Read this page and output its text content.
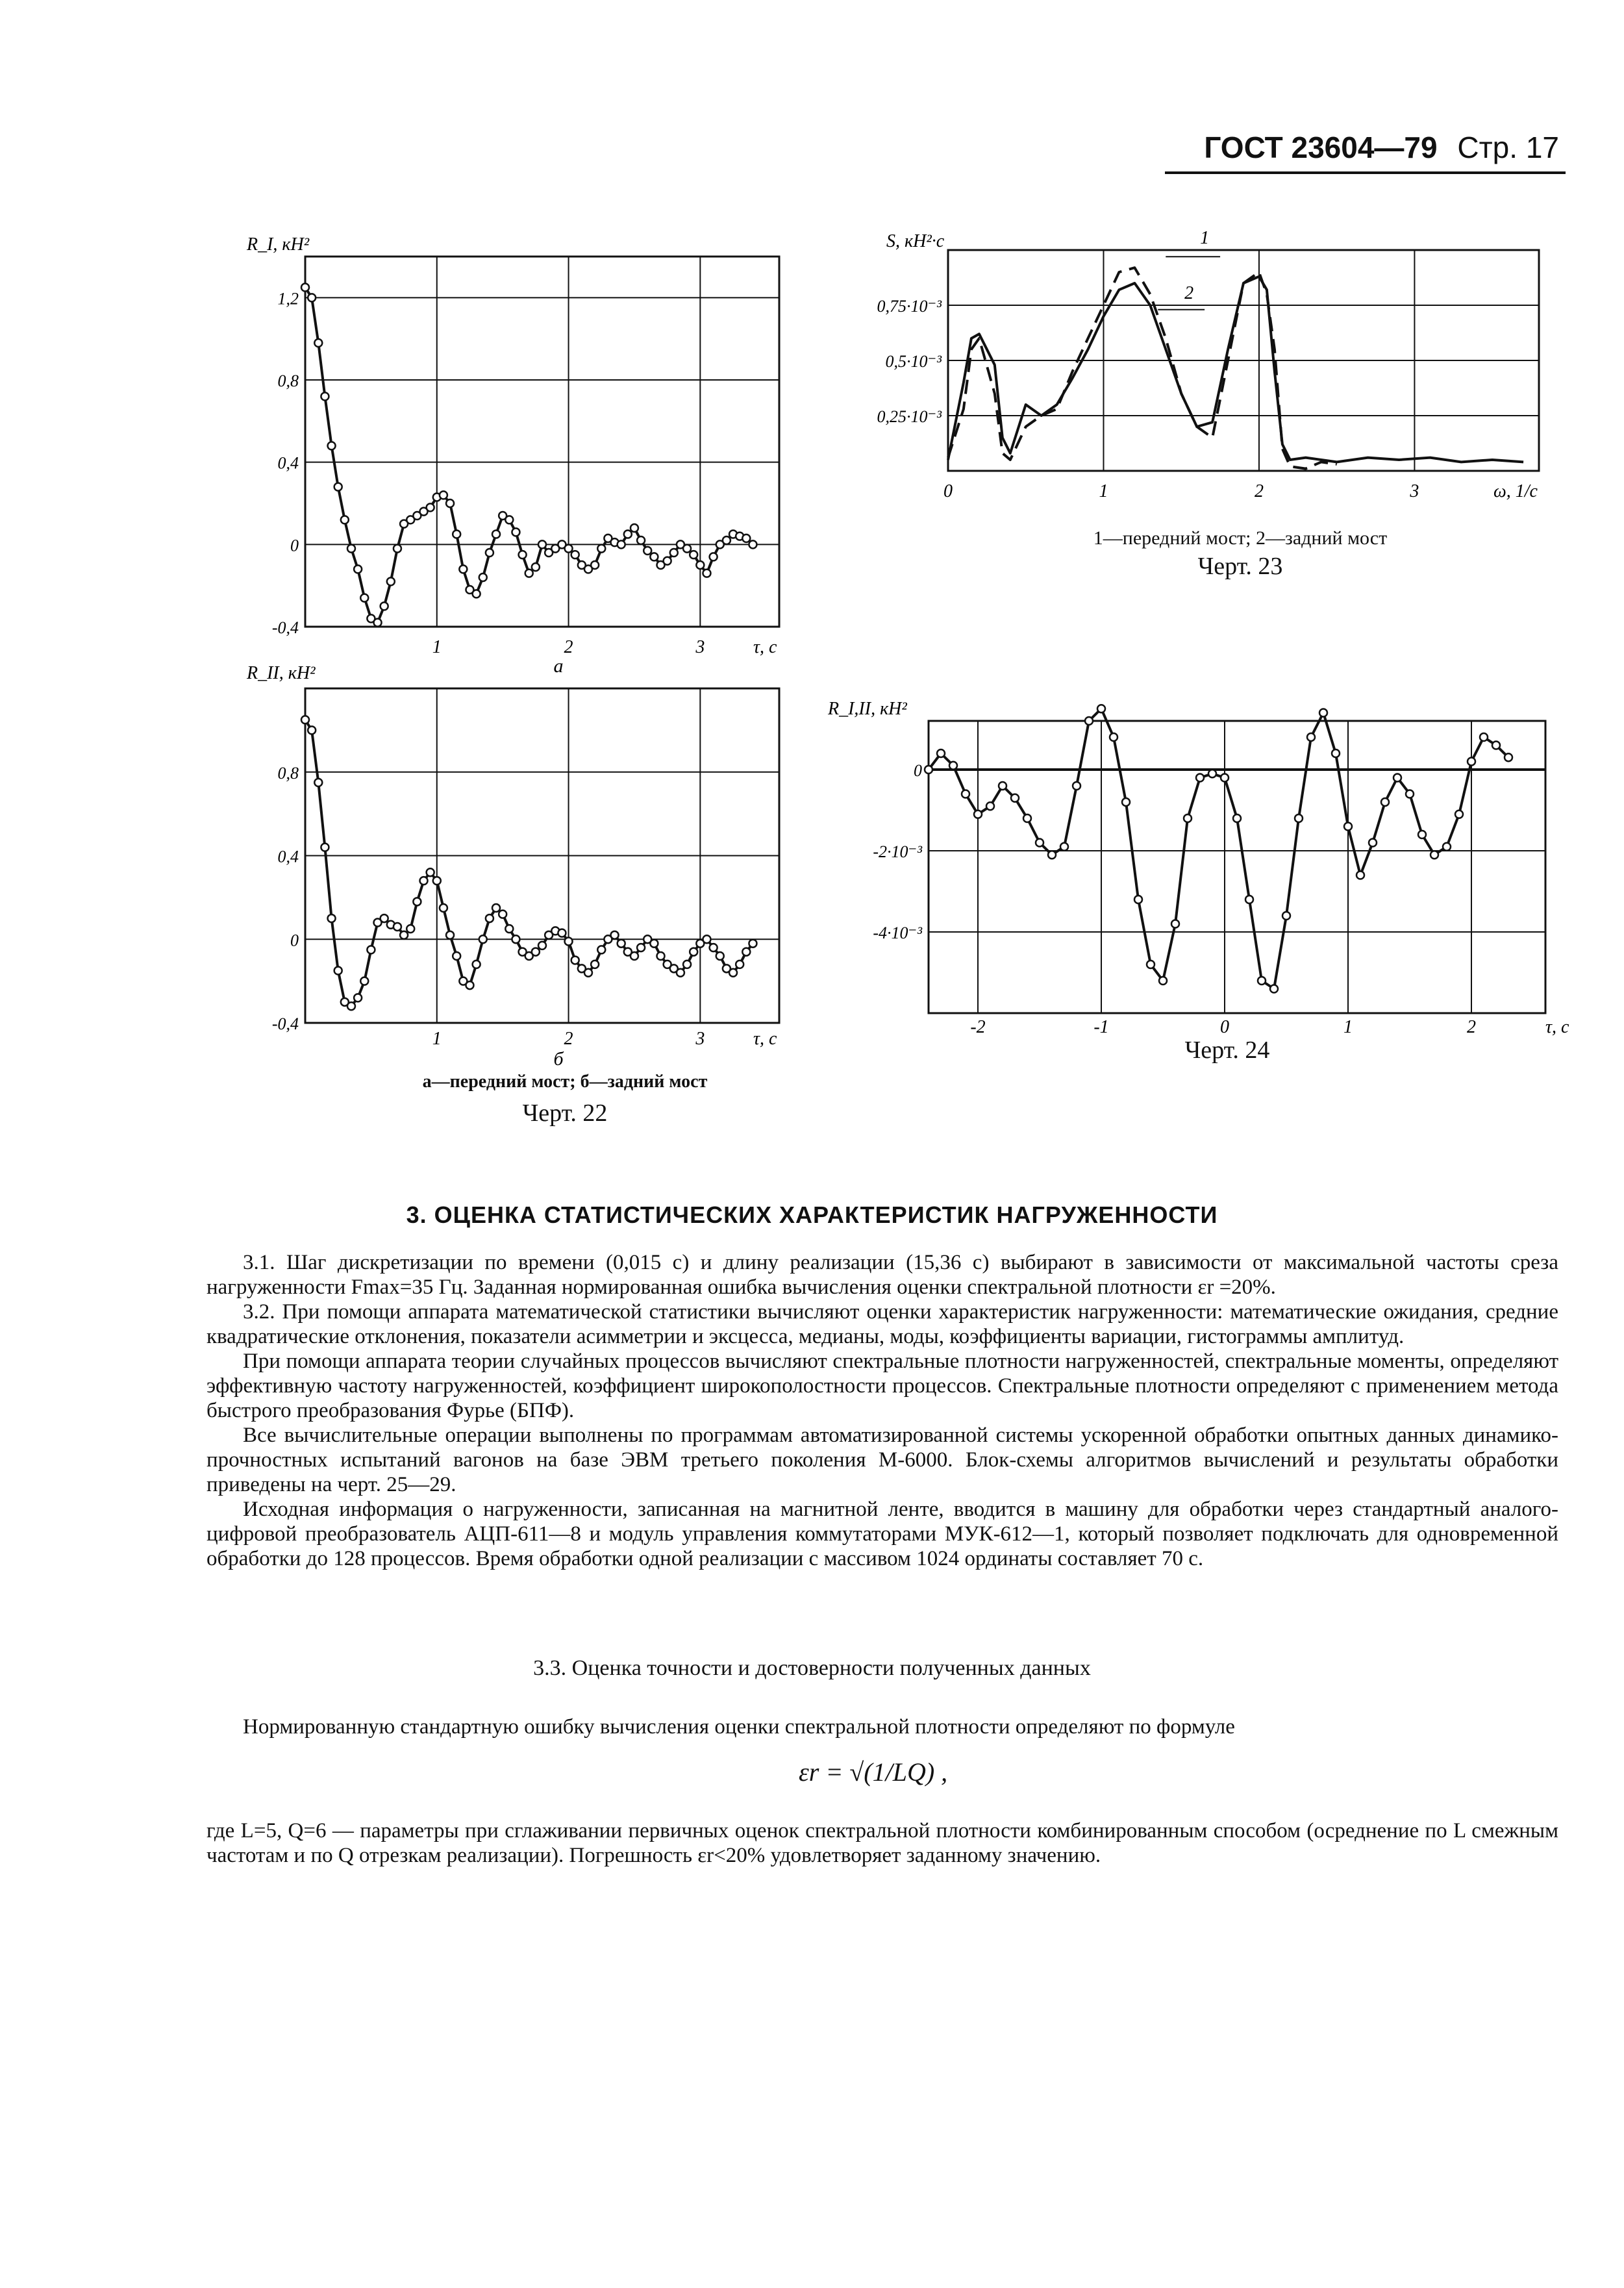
ГОСТ 23604—79 Стр. 17
1,2
0,8
0,4
0
-0,4
1	2	3
R_I, кН²
τ, с
а
0,8
0,4
0
-0,4
1	2	3
R_II, кН²
τ, с
б
0,75·10⁻³
0,5·10⁻³
0,25·10⁻³
0	1	2	3
S, кН²·с
ω, 1/с
1
2
0
-2·10⁻³
-4·10⁻³
-2	-1	0	1	2
R_I,II, кН²
τ, с
1—передний мост; 2—задний мост
Черт. 23
Черт. 24
а—передний мост; б—задний мост
Черт. 22
3. ОЦЕНКА СТАТИСТИЧЕСКИХ ХАРАКТЕРИСТИК НАГРУЖЕННОСТИ

3.1. Шаг дискретизации по времени (0,015 с) и длину реализации (15,36 с) выбирают в зависимости от максимальной частоты среза нагруженности Fmax=35 Гц. Заданная нормированная ошибка вычисления оценки спектральной плотности εr =20%.

3.2. При помощи аппарата математической статистики вычисляют оценки характеристик нагруженности: математические ожидания, средние квадратические отклонения, показатели асимметрии и эксцесса, медианы, моды, коэффициенты вариации, гистограммы амплитуд.

При помощи аппарата теории случайных процессов вычисляют спектральные плотности нагруженностей, спектральные моменты, определяют эффективную частоту нагруженностей, коэффициент широкополостности процессов. Спектральные плотности определяют с применением метода быстрого преобразования Фурье (БПФ).

Все вычислительные операции выполнены по программам автоматизированной системы ускоренной обработки опытных данных динамико-прочностных испытаний вагонов на базе ЭВМ третьего поколения М-6000. Блок-схемы алгоритмов вычислений и результаты обработки приведены на черт. 25—29.

Исходная информация о нагруженности, записанная на магнитной ленте, вводится в машину для обработки через стандартный аналого-цифровой преобразователь АЦП-611—8 и модуль управления коммутаторами МУК-612—1, который позволяет подключать для одновременной обработки до 128 процессов. Время обработки одной реализации с массивом 1024 ординаты составляет 70 с.

3.3. Оценка точности и достоверности полученных данных

Нормированную стандартную ошибку вычисления оценки спектральной плотности определяют по формуле

εr = √(1/LQ) ,

где L=5, Q=6 — параметры при сглаживании первичных оценок спектральной плотности комбинированным способом (осреднение по L смежным частотам и по Q отрезкам реализации). Погрешность εr<20% удовлетворяет заданному значению.
